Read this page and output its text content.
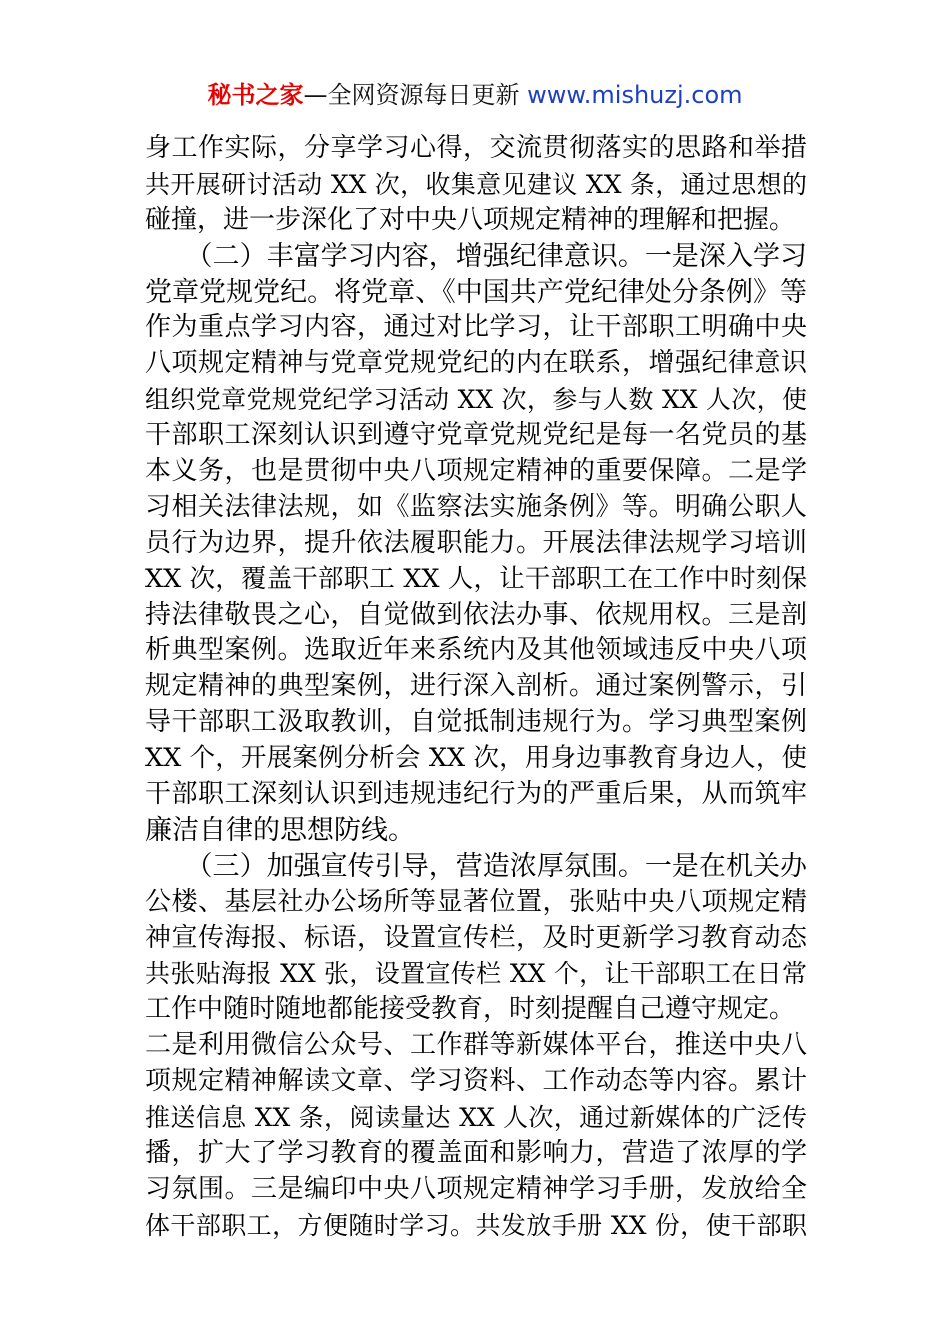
秘书之家—全网资源每日更新 www.mishuzj.com
身工作实际，分享学习心得，交流贯彻落实的思路和举措
共开展研讨活动 XX 次，收集意见建议 XX 条，通过思想的
碰撞，进一步深化了对中央八项规定精神的理解和把握。
　　（二）丰富学习内容，增强纪律意识。一是深入学习
党章党规党纪。将党章、《中国共产党纪律处分条例》等
作为重点学习内容，通过对比学习，让干部职工明确中央
八项规定精神与党章党规党纪的内在联系，增强纪律意识
组织党章党规党纪学习活动 XX 次，参与人数 XX 人次，使
干部职工深刻认识到遵守党章党规党纪是每一名党员的基
本义务，也是贯彻中央八项规定精神的重要保障。二是学
习相关法律法规，如《监察法实施条例》等。明确公职人
员行为边界，提升依法履职能力。开展法律法规学习培训
XX 次，覆盖干部职工 XX 人，让干部职工在工作中时刻保
持法律敬畏之心，自觉做到依法办事、依规用权。三是剖
析典型案例。选取近年来系统内及其他领域违反中央八项
规定精神的典型案例，进行深入剖析。通过案例警示，引
导干部职工汲取教训，自觉抵制违规行为。学习典型案例
XX 个，开展案例分析会 XX 次，用身边事教育身边人，使
干部职工深刻认识到违规违纪行为的严重后果，从而筑牢
廉洁自律的思想防线。
　　（三）加强宣传引导，营造浓厚氛围。一是在机关办
公楼、基层社办公场所等显著位置，张贴中央八项规定精
神宣传海报、标语，设置宣传栏，及时更新学习教育动态
共张贴海报 XX 张，设置宣传栏 XX 个，让干部职工在日常
工作中随时随地都能接受教育，时刻提醒自己遵守规定。
二是利用微信公众号、工作群等新媒体平台，推送中央八
项规定精神解读文章、学习资料、工作动态等内容。累计
推送信息 XX 条，阅读量达 XX 人次，通过新媒体的广泛传
播，扩大了学习教育的覆盖面和影响力，营造了浓厚的学
习氛围。三是编印中央八项规定精神学习手册，发放给全
体干部职工，方便随时学习。共发放手册 XX 份，使干部职
